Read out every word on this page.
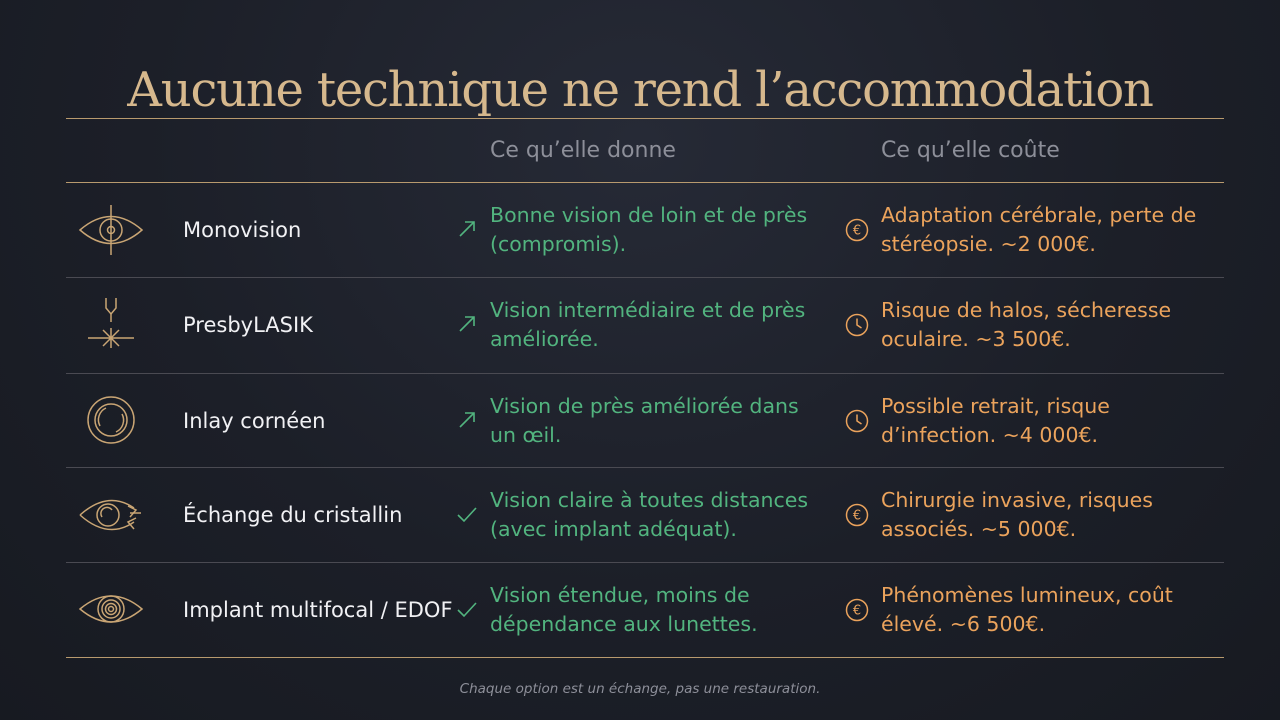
Aucune technique ne rend l’accommodation
Ce qu’elle donne	Ce qu’elle coûte
Monovision
Bonne vision de loin et de près (compromis).
€
Adaptation cérébrale, perte de stéréopsie. ~2 000€.
PresbyLASIK
Vision intermédiaire et de près améliorée.
Risque de halos, sécheresse oculaire. ~3 500€.
Inlay cornéen
Vision de près améliorée dans un œil.
Possible retrait, risque d’infection. ~4 000€.
Échange du cristallin
Vision claire à toutes distances (avec implant adéquat).
€
Chirurgie invasive, risques associés. ~5 000€.
Implant multifocal / EDOF
Vision étendue, moins de dépendance aux lunettes.
€
Phénomènes lumineux, coût élevé. ~6 500€.
Chaque option est un échange, pas une restauration.
